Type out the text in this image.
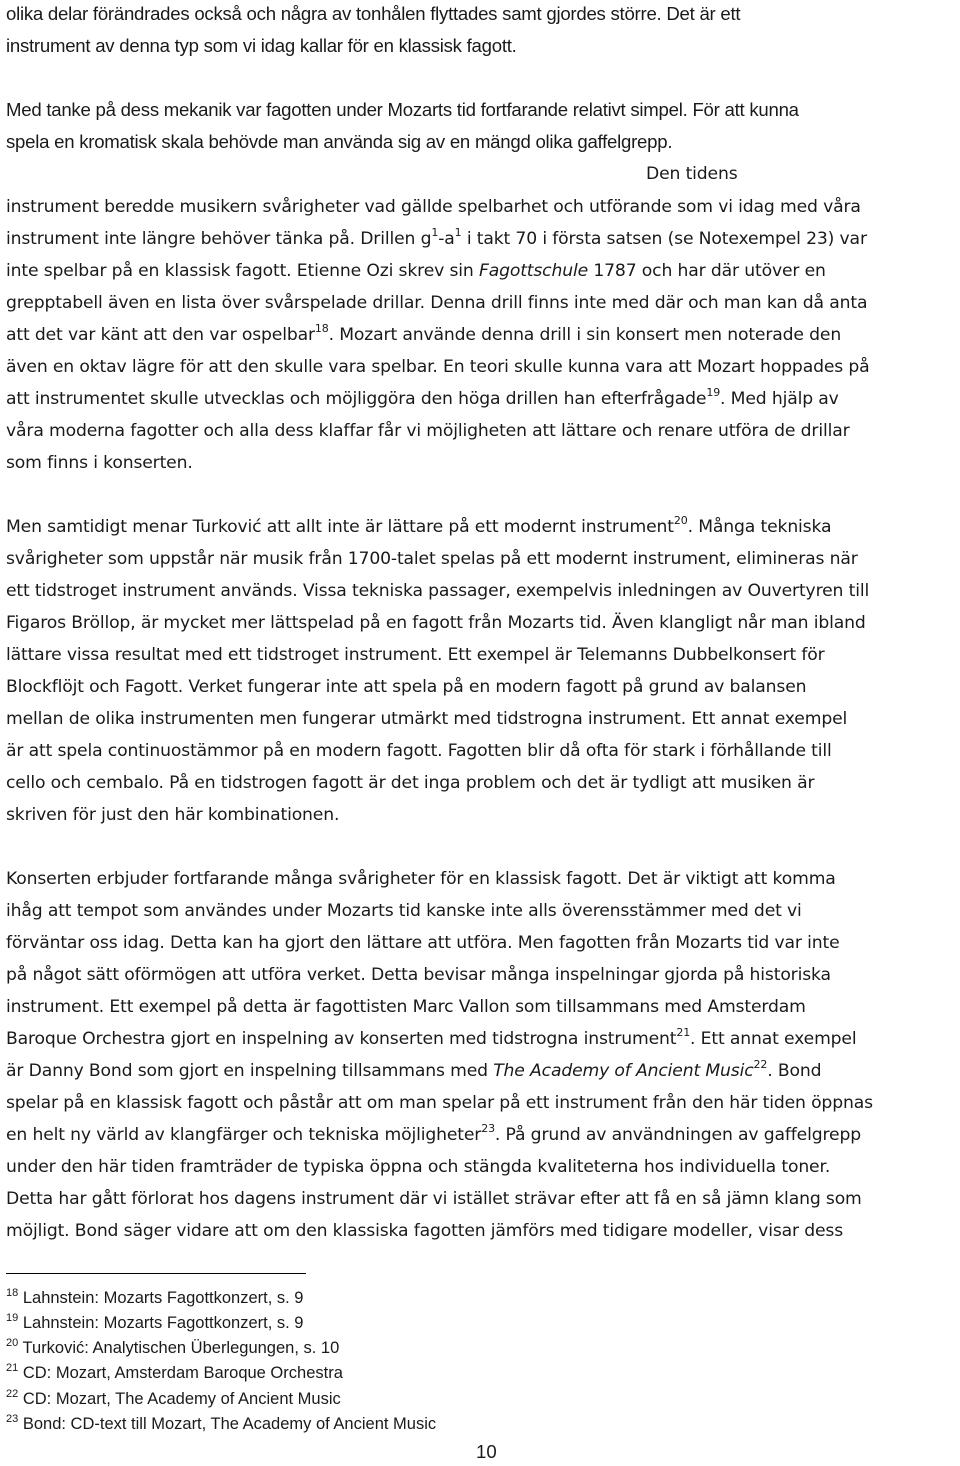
olika delar förändrades också och några av tonhålen flyttades samt gjordes större. Det är ett
instrument av denna typ som vi idag kallar för en klassisk fagott.
Med tanke på dess mekanik var fagotten under Mozarts tid fortfarande relativt simpel. För att kunna
spela en kromatisk skala behövde man använda sig av en mängd olika gaffelgrepp.
Den tidens
instrument beredde musikern svårigheter vad gällde spelbarhet och utförande som vi idag med våra
instrument inte längre behöver tänka på. Drillen $g^1-a^1$ i takt 70 i första satsen (se Notexempel 23) var
inte spelbar på en klassisk fagott. Etienne Ozi skrev sin Fagottschule 1787 och har där utöver en
grepptabell även en lista över svårspelade drillar. Denna drill finns inte med där och man kan då anta
att det var känt att den var ospelbar$^{18}$. Mozart använde denna drill i sin konsert men noterade den
även en oktav lägre för att den skulle vara spelbar. En teori skulle kunna vara att Mozart hoppades på
att instrumentet skulle utvecklas och möjliggöra den höga drillen han efterfrågade$^{19}$. Med hjälp av
våra moderna fagotter och alla dess klaffar får vi möjligheten att lättare och renare utföra de drillar
som finns i konserten.
Men samtidigt menar Turković att allt inte är lättare på ett modernt instrument$^{20}$. Många tekniska
svårigheter som uppstår när musik från 1700-talet spelas på ett modernt instrument, elimineras när
ett tidstroget instrument används. Vissa tekniska passager, exempelvis inledningen av Ouvertyren till
Figaros Bröllop, är mycket mer lättspelad på en fagott från Mozarts tid. Även klangligt når man ibland
lättare vissa resultat med ett tidstroget instrument. Ett exempel är Telemanns Dubbelkonsert för
Blockflöjt och Fagott. Verket fungerar inte att spela på en modern fagott på grund av balansen
mellan de olika instrumenten men fungerar utmärkt med tidstrogna instrument. Ett annat exempel
är att spela continuostämmor på en modern fagott. Fagotten blir då ofta för stark i förhållande till
cello och cembalo. På en tidstrogen fagott är det inga problem och det är tydligt att musiken är
skriven för just den här kombinationen.
Konserten erbjuder fortfarande många svårigheter för en klassisk fagott. Det är viktigt att komma
ihåg att tempot som användes under Mozarts tid kanske inte alls överensstämmer med det vi
förväntar oss idag. Detta kan ha gjort den lättare att utföra. Men fagotten från Mozarts tid var inte
på något sätt oförmögen att utföra verket. Detta bevisar många inspelningar gjorda på historiska
instrument. Ett exempel på detta är fagottisten Marc Vallon som tillsammans med Amsterdam
Baroque Orchestra gjort en inspelning av konserten med tidstrogna instrument$^{21}$. Ett annat exempel
är Danny Bond som gjort en inspelning tillsammans med The Academy of Ancient Music$^{22}$. Bond
spelar på en klassisk fagott och påstår att om man spelar på ett instrument från den här tiden öppnas
en helt ny värld av klangfärger och tekniska möjligheter$^{23}$. På grund av användningen av gaffelgrepp
under den här tiden framträder de typiska öppna och stängda kvaliteterna hos individuella toner.
Detta har gått förlorat hos dagens instrument där vi istället strävar efter att få en så jämn klang som
möjligt. Bond säger vidare att om den klassiska fagotten jämförs med tidigare modeller, visar dess
$^{18}$ Lahnstein: Mozarts Fagottkonzert, s. 9
$^{19}$ Lahnstein: Mozarts Fagottkonzert, s. 9
$^{20}$ Turković: Analytischen Überlegungen, s. 10
$^{21}$ CD: Mozart, Amsterdam Baroque Orchestra
$^{22}$ CD: Mozart, The Academy of Ancient Music
$^{23}$ Bond: CD-text till Mozart, The Academy of Ancient Music
10
